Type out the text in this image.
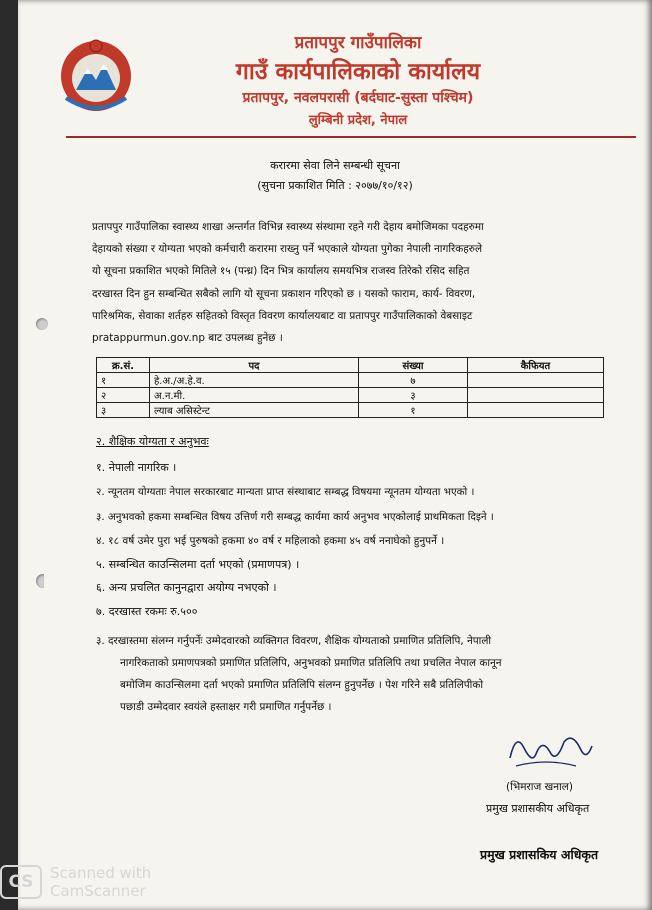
प्रतापपुर गाउँपालिका
गाउँ कार्यपालिकाको कार्यालय
प्रतापपुर, नवलपरासी (बर्दघाट-सुस्ता पश्चिम)
लुम्बिनी प्रदेश, नेपाल
करारमा सेवा लिने सम्बन्धी सूचना
(सुचना प्रकाशित मिति : २०७७/१०/१२)
प्रतापपुर गाउँपालिका स्वास्थ्य शाखा अन्तर्गत विभिन्न स्वास्थ्य संस्थामा रहने गरी देहाय बमोजिमका पदहरुमा
देहायको संख्या र योग्यता भएको कर्मचारी करारमा राख्नु पर्ने भएकाले योग्यता पुगेका नेपाली नागरिकहरुले
यो सूचना प्रकाशित भएको मितिले १५ (पन्ध्र) दिन भित्र कार्यालय समयभित्र राजस्व तिरेको रसिद सहित
दरखास्त दिन हुन सम्बन्धित सबैको लागि यो सूचना प्रकाशन गरिएको छ । यसको फाराम, कार्य- विवरण,
पारिश्रमिक, सेवाका शर्तहरु सहितको विस्तृत विवरण कार्यालयबाट वा प्रतापपुर गाउँपालिकाको वेबसाइट
pratappurmun.gov.np बाट उपलब्ध हुनेछ ।
क्र.सं.	पद	संख्या	कैफियत
१	हे.अ./अ.हे.व.	७	
२	अ.न.मी.	३	
३	ल्याब असिस्टेन्ट	१	
२. शैक्षिक योग्यता र अनुभवः
१. नेपाली नागरिक ।
२. न्यूनतम योग्यताः नेपाल सरकारबाट मान्यता प्राप्त संस्थाबाट सम्बद्ध विषयमा न्यूनतम योग्यता भएको ।
३. अनुभवको हकमा सम्बन्धित विषय उत्तिर्ण गरी सम्बद्ध कार्यमा कार्य अनुभव भएकोलाई प्राथमिकता दिइने ।
४. १८ वर्ष उमेर पुरा भई पुरुषको हकमा ४० वर्ष र महिलाको हकमा ४५ वर्ष ननाघेको हुनुपर्ने ।
५. सम्बन्धित काउन्सिलमा दर्ता भएको (प्रमाणपत्र) ।
६. अन्य प्रचलित कानुनद्वारा अयोग्य नभएको ।
७. दरखास्त रकमः रु.५००
३. दरखास्तमा संलग्न गर्नुपर्नेः उम्मेदवारको व्यक्तिगत विवरण, शैक्षिक योग्यताको प्रमाणित प्रतिलिपि, नेपाली
नागरिकताको प्रमाणपत्रको प्रमाणित प्रतिलिपि, अनुभवको प्रमाणित प्रतिलिपि तथा प्रचलित नेपाल कानून
बमोजिम काउन्सिलमा दर्ता भएको प्रमाणित प्रतिलिपि संलग्न हुनुपर्नेछ । पेश गरिने सबै प्रतिलिपीको
पछाडी उम्मेदवार स्वयंले हस्ताक्षर गरी प्रमाणित गर्नुपर्नेछ ।
(भिमराज खनाल)
प्रमुख प्रशासकीय अधिकृत
प्रमुख प्रशासकिय अधिकृत
CS	Scanned with
CamScanner
